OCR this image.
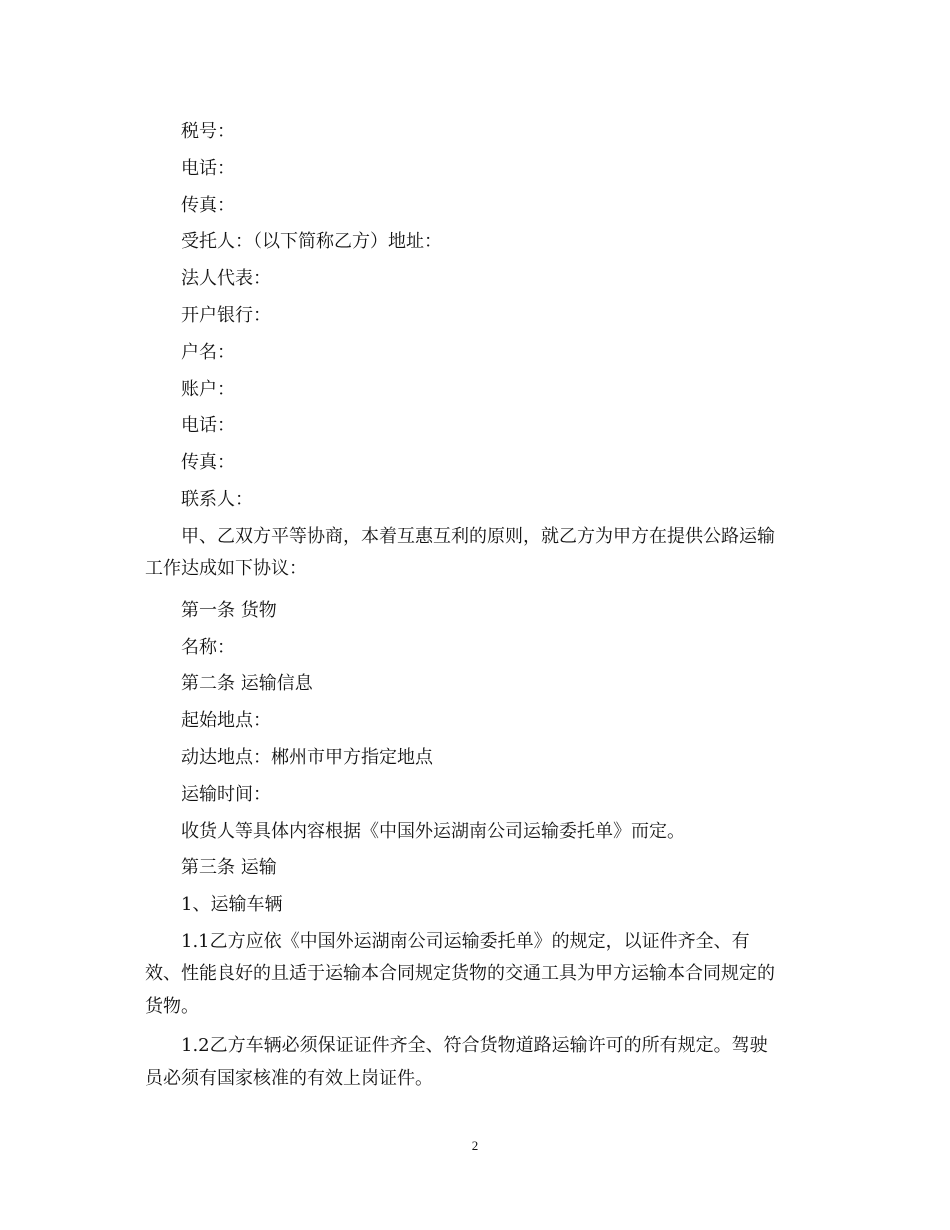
税号：
电话：
传真：
受托人：（以下简称乙方）地址：
法人代表：
开户银行：
户名：
账户：
电话：
传真：
联系人：
甲、乙双方平等协商，本着互惠互利的原则，就乙方为甲方在提供公路运输
工作达成如下协议：
第一条 货物
名称：
第二条 运输信息
起始地点：
动达地点：郴州市甲方指定地点
运输时间：
收货人等具体内容根据《中国外运湖南公司运输委托单》而定。
第三条 运输
1、运输车辆
1.1乙方应依《中国外运湖南公司运输委托单》的规定，以证件齐全、有
效、性能良好的且适于运输本合同规定货物的交通工具为甲方运输本合同规定的
货物。
1.2乙方车辆必须保证证件齐全、符合货物道路运输许可的所有规定。驾驶
员必须有国家核准的有效上岗证件。
2
